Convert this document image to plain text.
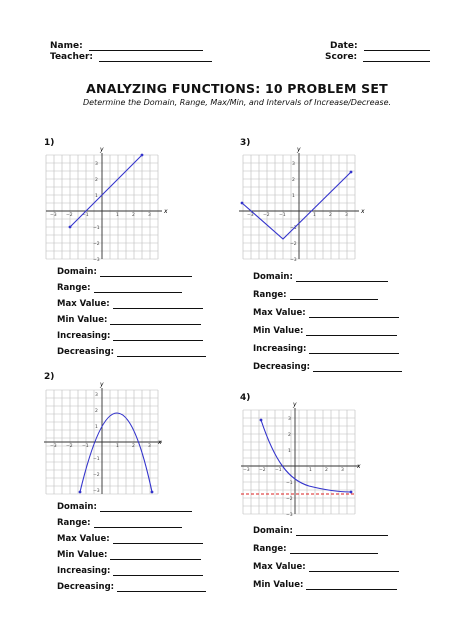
Name:
Teacher:
Date:
Score:
ANALYZING FUNCTIONS: 10 PROBLEM SET
Determine the Domain, Range, Max/Min, and Intervals of Increase/Decrease.
1)
2)
3)
4)
−3 −2 −1	1	2	3
3
2
1
−1
−2
−3
x
y
−3 −2 −1	1	2	3
3
2
1
−1
−2
−3
x
y
−3 −2 −1	1	2	3
3
2
1
−1
−2
−3
x
y
−3 −2 −1	1	2	3
3
2
1
−1
−2
−3
x
y
Domain:
Range:
Max Value:
Min Value:
Increasing:
Decreasing:
Domain:
Range:
Max Value:
Min Value:
Increasing:
Decreasing:
Domain:
Range:
Max Value:
Min Value:
Increasing:
Decreasing:
Domain:
Range:
Max Value:
Min Value:
